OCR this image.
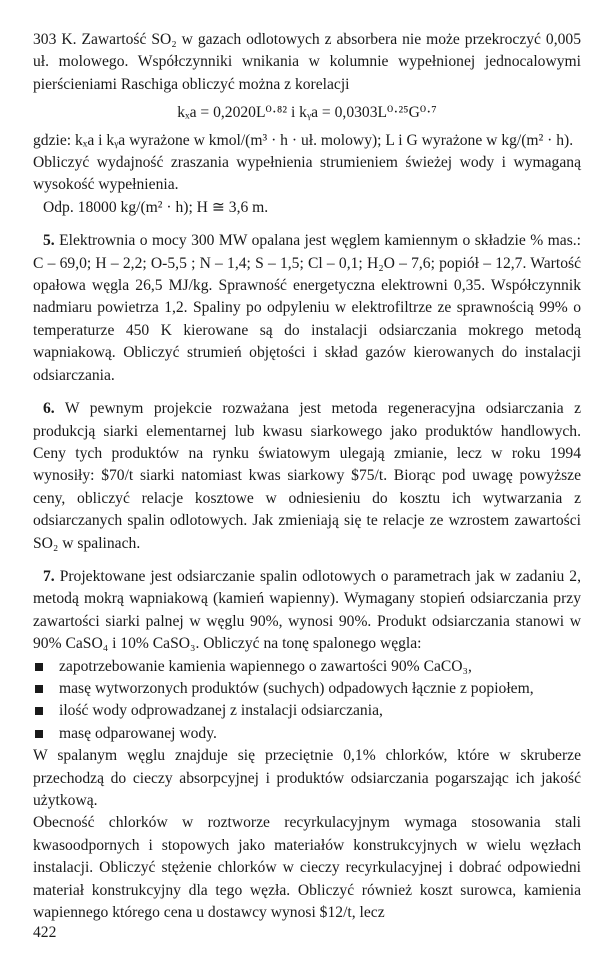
303 K. Zawartość SO₂ w gazach odlotowych z absorbera nie może przekroczyć 0,005 uł. molowego. Współczynniki wnikania w kolumnie wypełnionej jednocalowymi pierścieniami Raschiga obliczyć można z korelacji

kₓa = 0,2020L⁰·⁸² i kᵧa = 0,0303L⁰·²⁵G⁰·⁷

gdzie: kₓa i kᵧa wyrażone w kmol/(m³ · h · uł. molowy); L i G wyrażone w kg/(m² · h).

Obliczyć wydajność zraszania wypełnienia strumieniem świeżej wody i wymaganą wysokość wypełnienia.

Odp. 18000 kg/(m² · h); H ≅ 3,6 m.

5. Elektrownia o mocy 300 MW opalana jest węglem kamiennym o składzie % mas.: C – 69,0; H – 2,2; O-5,5 ; N – 1,4; S – 1,5; Cl – 0,1; H₂O – 7,6; popiół – 12,7. Wartość opałowa węgla 26,5 MJ/kg. Sprawność energetyczna elektrowni 0,35. Współczynnik nadmiaru powietrza 1,2. Spaliny po odpyleniu w elektrofiltrze ze sprawnością 99% o temperaturze 450 K kierowane są do instalacji odsiarczania mokrego metodą wapniakową. Obliczyć strumień objętości i skład gazów kierowanych do instalacji odsiarczania.

6. W pewnym projekcie rozważana jest metoda regeneracyjna odsiarczania z produkcją siarki elementarnej lub kwasu siarkowego jako produktów handlowych. Ceny tych produktów na rynku światowym ulegają zmianie, lecz w roku 1994 wynosiły: $70/t siarki natomiast kwas siarkowy $75/t. Biorąc pod uwagę powyższe ceny, obliczyć relacje kosztowe w odniesieniu do kosztu ich wytwarzania z odsiarczanych spalin odlotowych. Jak zmieniają się te relacje ze wzrostem zawartości SO₂ w spalinach.

7. Projektowane jest odsiarczanie spalin odlotowych o parametrach jak w zadaniu 2, metodą mokrą wapniakową (kamień wapienny). Wymagany stopień odsiarczania przy zawartości siarki palnej w węglu 90%, wynosi 90%. Produkt odsiarczania stanowi w 90% CaSO₄ i 10% CaSO₃. Obliczyć na tonę spalonego węgla:

zapotrzebowanie kamienia wapiennego o zawartości 90% CaCO₃,
masę wytworzonych produktów (suchych) odpadowych łącznie z popiołem,
ilość wody odprowadzanej z instalacji odsiarczania,
masę odparowanej wody.

W spalanym węglu znajduje się przeciętnie 0,1% chlorków, które w skruberze przechodzą do cieczy absorpcyjnej i produktów odsiarczania pogarszając ich jakość użytkową.

Obecność chlorków w roztworze recyrkulacyjnym wymaga stosowania stali kwasoodpornych i stopowych jako materiałów konstrukcyjnych w wielu węzłach instalacji. Obliczyć stężenie chlorków w cieczy recyrkulacyjnej i dobrać odpowiedni materiał konstrukcyjny dla tego węzła. Obliczyć również koszt surowca, kamienia wapiennego którego cena u dostawcy wynosi $12/t, lecz

422
